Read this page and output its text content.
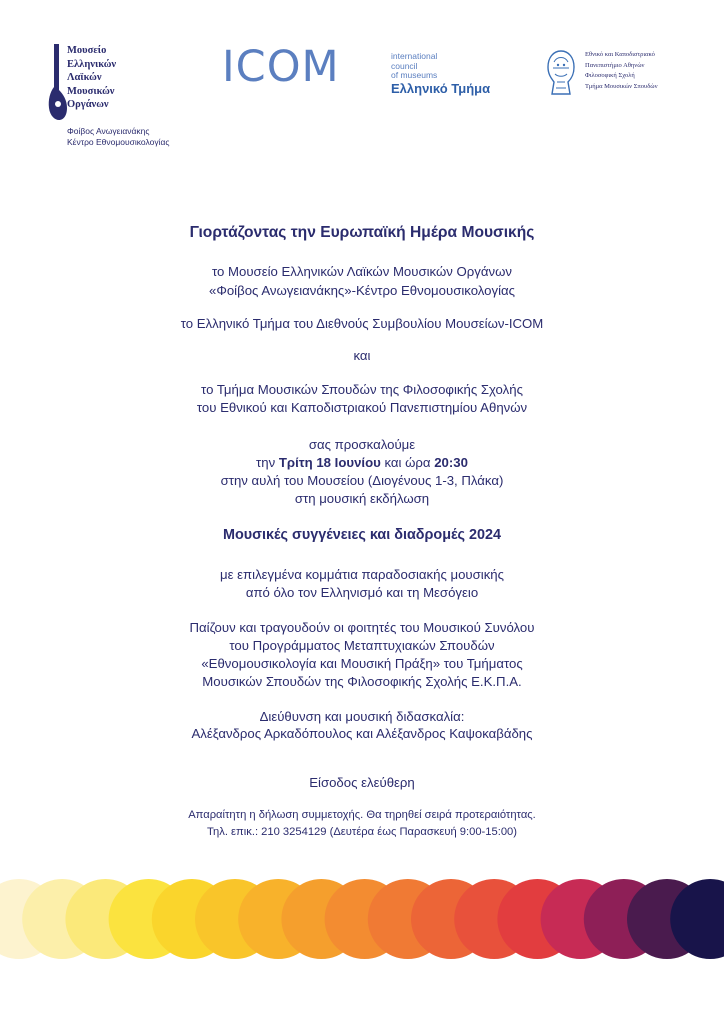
Μουσείο
Ελληνικών
Λαϊκών
Μουσικών
Οργάνων
Φοίβος Ανωγειανάκης
Κέντρο Εθνομουσικολογίας
ICOM	international
council
of museums
Ελληνικό Τμήμα
Εθνικό και Καποδιστριακό
Πανεπιστήμιο Αθηνών
Φιλοσοφική Σχολή
Τμήμα Μουσικών Σπουδών
Γιορτάζοντας την Ευρωπαϊκή Ημέρα Μουσικής
το Μουσείο Ελληνικών Λαϊκών Μουσικών Οργάνων
«Φοίβος Ανωγειανάκης»-Κέντρο Εθνομουσικολογίας
το Ελληνικό Τμήμα του Διεθνούς Συμβουλίου Μουσείων-ICOM
και
το Τμήμα Μουσικών Σπουδών της Φιλοσοφικής Σχολής
του Εθνικού και Καποδιστριακού Πανεπιστημίου Αθηνών
σας προσκαλούμε
την Τρίτη 18 Ιουνίου και ώρα 20:30
στην αυλή του Μουσείου (Διογένους 1-3, Πλάκα)
στη μουσική εκδήλωση
Μουσικές συγγένειες και διαδρομές 2024
με επιλεγμένα κομμάτια παραδοσιακής μουσικής
από όλο τον Ελληνισμό και τη Μεσόγειο
Παίζουν και τραγουδούν οι φοιτητές του Μουσικού Συνόλου
του Προγράμματος Μεταπτυχιακών Σπουδών
«Εθνομουσικολογία και Μουσική Πράξη» του Τμήματος
Μουσικών Σπουδών της Φιλοσοφικής Σχολής Ε.Κ.Π.Α.
Διεύθυνση και μουσική διδασκαλία:
Αλέξανδρος Αρκαδόπουλος και Αλέξανδρος Καψοκαβάδης
Είσοδος ελεύθερη
Απαραίτητη η δήλωση συμμετοχής. Θα τηρηθεί σειρά προτεραιότητας.
Τηλ. επικ.: 210 3254129 (Δευτέρα έως Παρασκευή 9:00-15:00)
